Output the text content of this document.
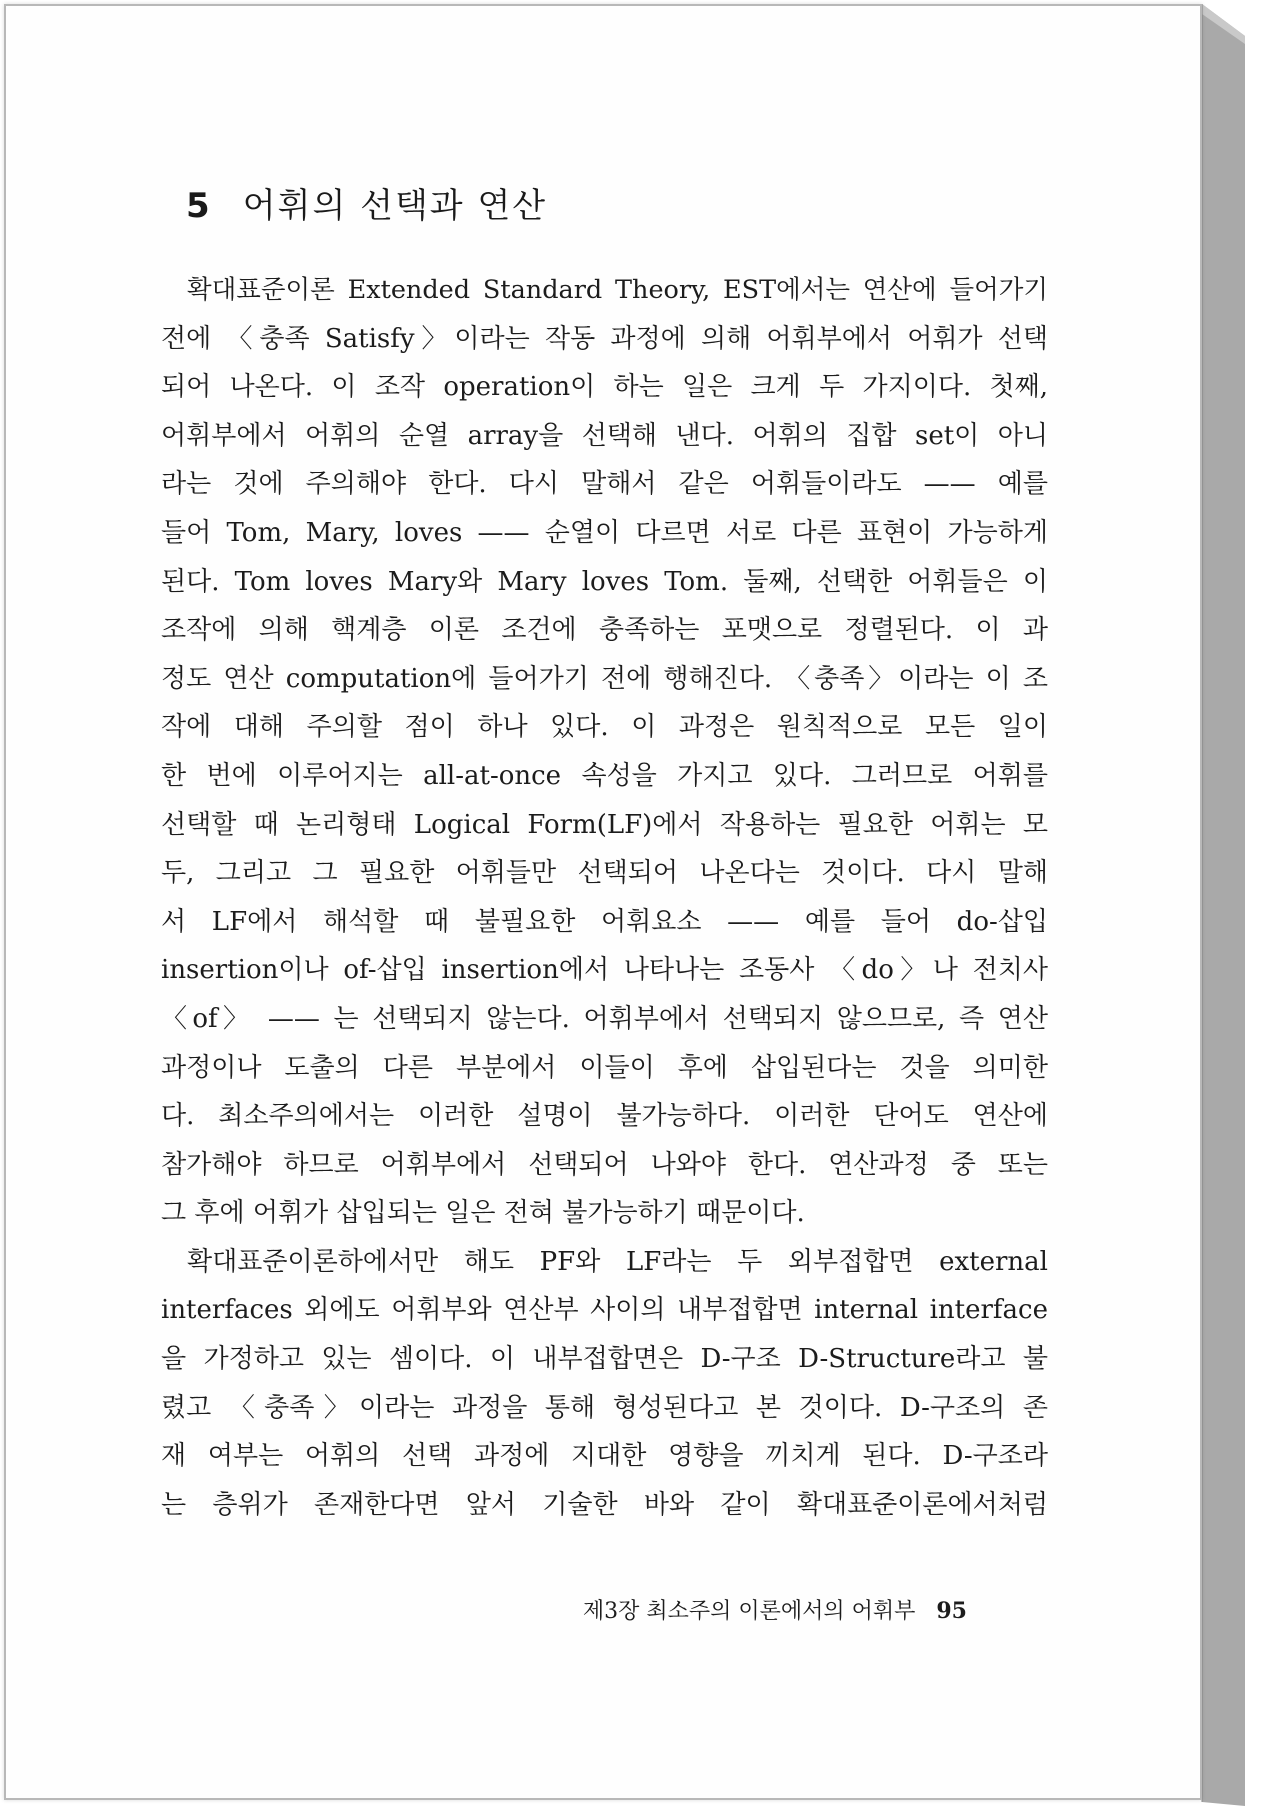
5 어휘의 선택과 연산
확대표준이론 Extended Standard Theory, EST에서는 연산에 들어가기
전에 〈충족 Satisfy〉이라는 작동 과정에 의해 어휘부에서 어휘가 선택
되어 나온다. 이 조작 operation이 하는 일은 크게 두 가지이다. 첫째,
어휘부에서 어휘의 순열 array을 선택해 낸다. 어휘의 집합 set이 아니
라는 것에 주의해야 한다. 다시 말해서 같은 어휘들이라도 —— 예를
들어 Tom, Mary, loves —— 순열이 다르면 서로 다른 표현이 가능하게
된다. Tom loves Mary와 Mary loves Tom. 둘째, 선택한 어휘들은 이
조작에 의해 핵계층 이론 조건에 충족하는 포맷으로 정렬된다. 이 과
정도 연산 computation에 들어가기 전에 행해진다. 〈충족〉이라는 이 조
작에 대해 주의할 점이 하나 있다. 이 과정은 원칙적으로 모든 일이
한 번에 이루어지는 all-at-once 속성을 가지고 있다. 그러므로 어휘를
선택할 때 논리형태 Logical Form(LF)에서 작용하는 필요한 어휘는 모
두, 그리고 그 필요한 어휘들만 선택되어 나온다는 것이다. 다시 말해
서 LF에서 해석할 때 불필요한 어휘요소 —— 예를 들어 do-삽입
insertion이나 of-삽입 insertion에서 나타나는 조동사 〈do〉나 전치사
〈of〉 —— 는 선택되지 않는다. 어휘부에서 선택되지 않으므로, 즉 연산
과정이나 도출의 다른 부분에서 이들이 후에 삽입된다는 것을 의미한
다. 최소주의에서는 이러한 설명이 불가능하다. 이러한 단어도 연산에
참가해야 하므로 어휘부에서 선택되어 나와야 한다. 연산과정 중 또는
그 후에 어휘가 삽입되는 일은 전혀 불가능하기 때문이다.
확대표준이론하에서만 해도 PF와 LF라는 두 외부접합면 external
interfaces 외에도 어휘부와 연산부 사이의 내부접합면 internal interface
을 가정하고 있는 셈이다. 이 내부접합면은 D-구조 D-Structure라고 불
렸고 〈충족〉이라는 과정을 통해 형성된다고 본 것이다. D-구조의 존
재 여부는 어휘의 선택 과정에 지대한 영향을 끼치게 된다. D-구조라
는 층위가 존재한다면 앞서 기술한 바와 같이 확대표준이론에서처럼
제3장 최소주의 이론에서의 어휘부 95
